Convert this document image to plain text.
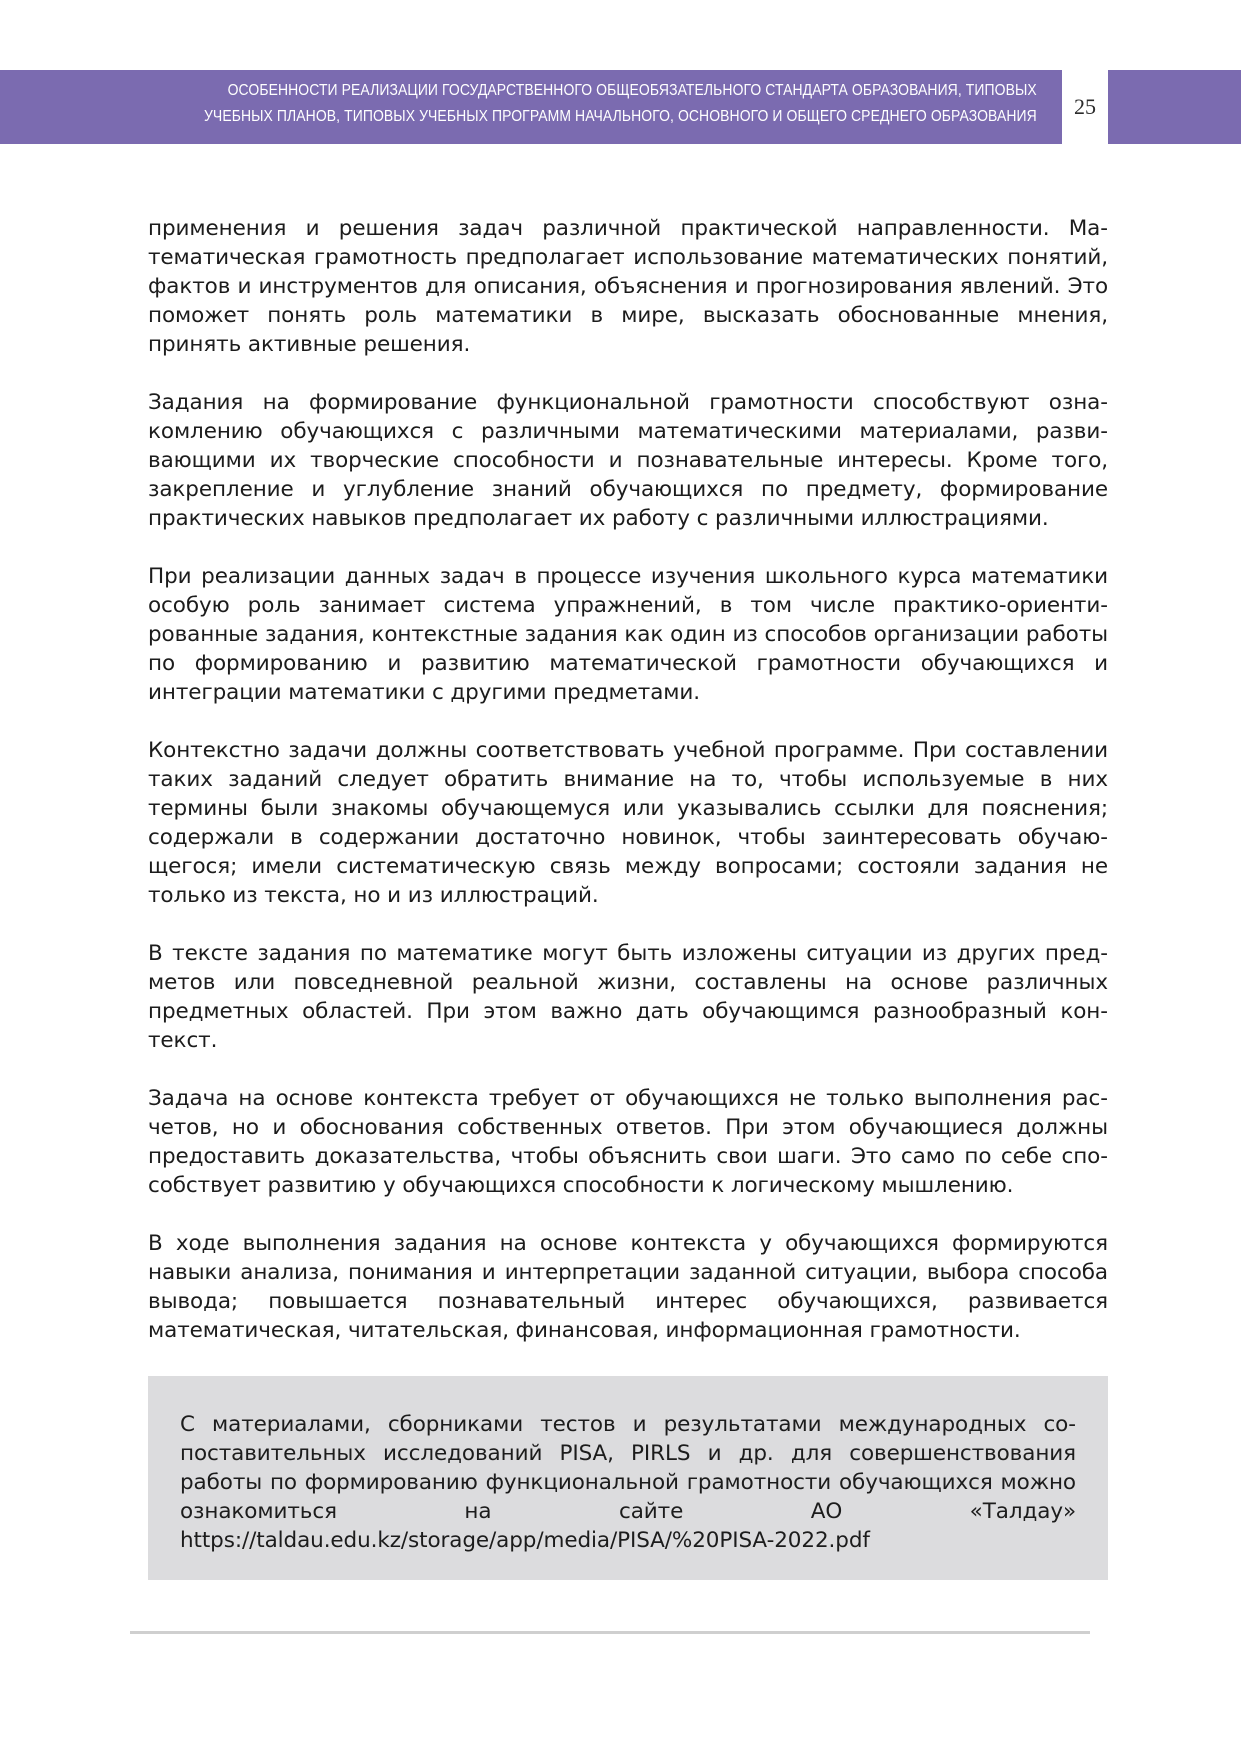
ОСОБЕННОСТИ РЕАЛИЗАЦИИ ГОСУДАРСТВЕННОГО ОБЩЕОБЯЗАТЕЛЬНОГО СТАНДАРТА ОБРАЗОВАНИЯ, ТИПОВЫХ
УЧЕБНЫХ ПЛАНОВ, ТИПОВЫХ УЧЕБНЫХ ПРОГРАММ НАЧАЛЬНОГО, ОСНОВНОГО И ОБЩЕГО СРЕДНЕГО ОБРАЗОВАНИЯ	25

применения и решения задач различной практической направленности. Математическая грамотность предполагает использование математических понятий, фактов и инструментов для описания, объяснения и прогнозирования явлений. Это поможет понять роль математики в мире, высказать обоснованные мнения, принять активные решения.

Задания на формирование функциональной грамотности способствуют ознакомлению обучающихся с различными математическими материалами, развивающими их творческие способности и познавательные интересы. Кроме того, закрепление и углубление знаний обучающихся по предмету, формирование практических навыков предполагает их работу с различными иллюстрациями.

При реализации данных задач в процессе изучения школьного курса математики особую роль занимает система упражнений, в том числе практико-ориентированные задания, контекстные задания как один из способов организации работы по формированию и развитию математической грамотности обучающихся и интеграции математики с другими предметами.

Контекстно задачи должны соответствовать учебной программе. При составлении таких заданий следует обратить внимание на то, чтобы используемые в них термины были знакомы обучающемуся или указывались ссылки для пояснения; содержали в содержании достаточно новинок, чтобы заинтересовать обучающегося; имели систематическую связь между вопросами; состояли задания не только из текста, но и из иллюстраций.

В тексте задания по математике могут быть изложены ситуации из других предметов или повседневной реальной жизни, составлены на основе различных предметных областей. При этом важно дать обучающимся разнообразный контекст.

Задача на основе контекста требует от обучающихся не только выполнения расчетов, но и обоснования собственных ответов. При этом обучающиеся должны предоставить доказательства, чтобы объяснить свои шаги. Это само по себе способствует развитию у обучающихся способности к логическому мышлению.

В ходе выполнения задания на основе контекста у обучающихся формируются навыки анализа, понимания и интерпретации заданной ситуации, выбора способа вывода; повышается познавательный интерес обучающихся, развивается математическая, читательская, финансовая, информационная грамотности.

С материалами, сборниками тестов и результатами международных сопоставительных исследований PISA, PIRLS и др. для совершенствования работы по формированию функциональной грамотности обучающихся можно ознакомиться на сайте АО «Талдау» https://taldau.edu.kz/storage/app/media/PISA/%20PISA-2022.pdf
